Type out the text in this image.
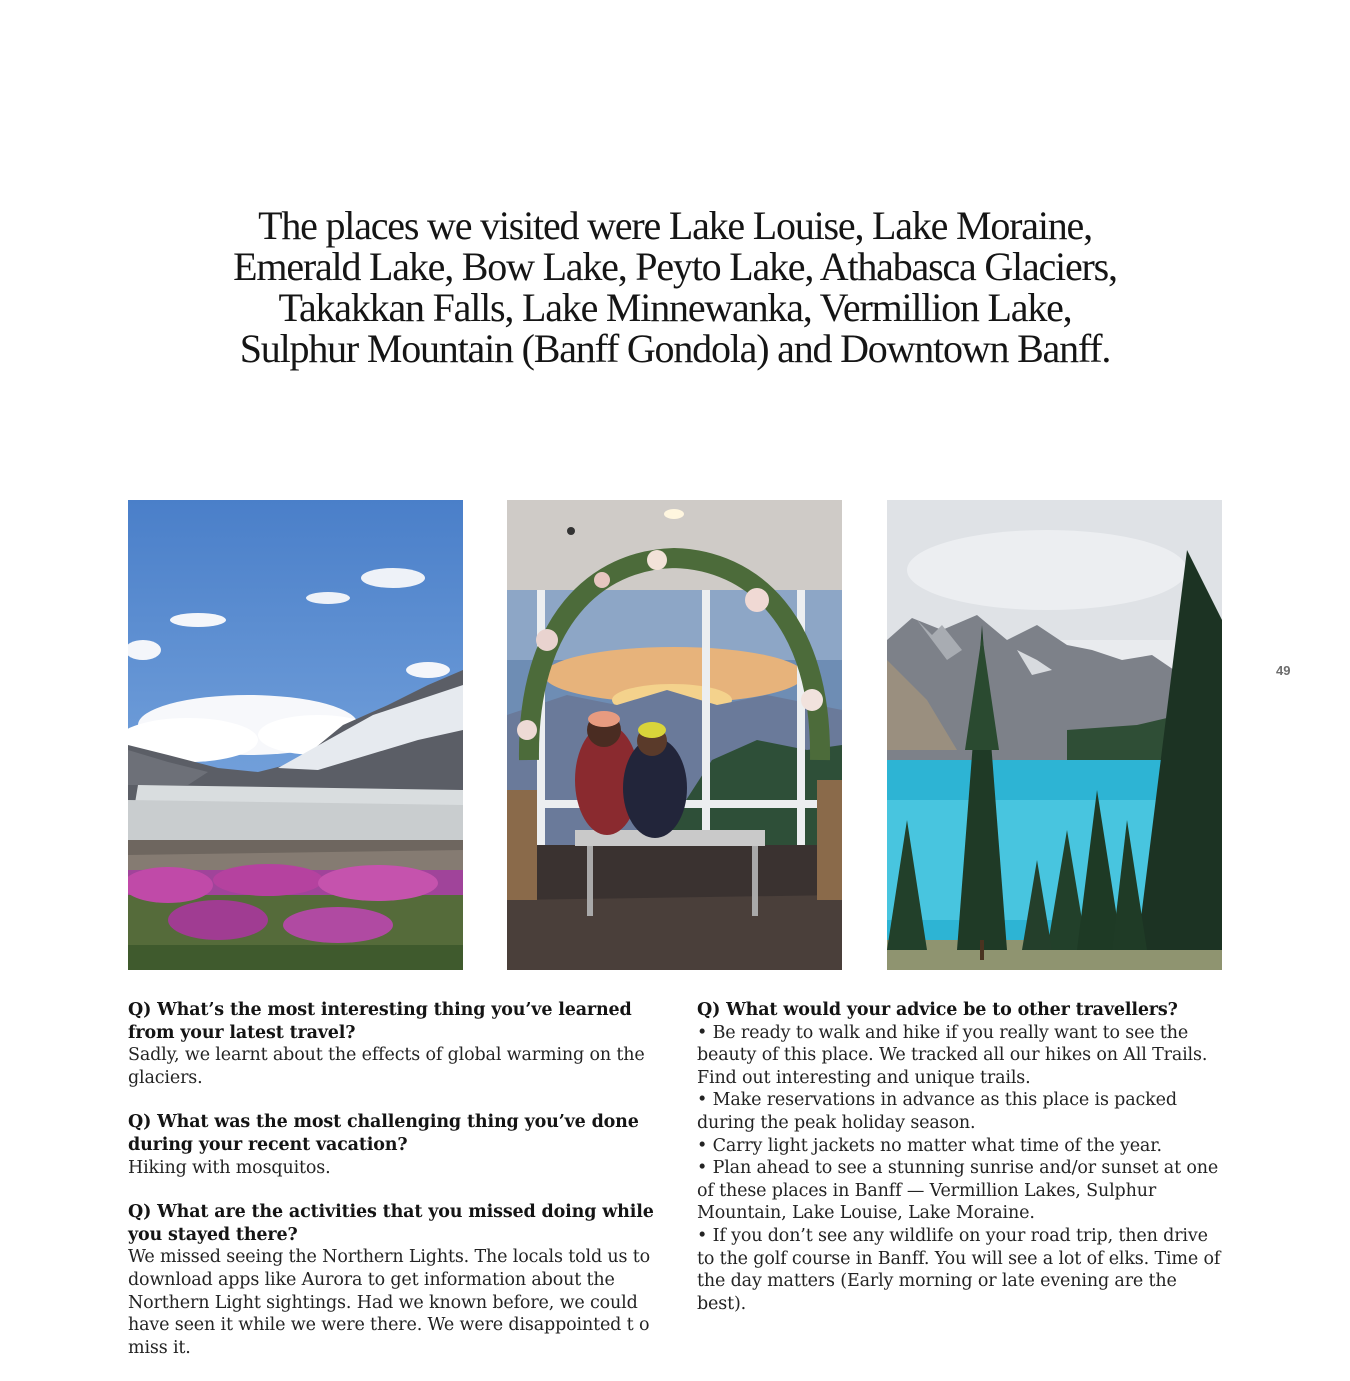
The places we visited were Lake Louise, Lake Moraine,
Emerald Lake, Bow Lake, Peyto Lake, Athabasca Glaciers,
Takakkan Falls, Lake Minnewanka, Vermillion Lake,
Sulphur Mountain (Banff Gondola) and Downtown Banff.
49
Q) What’s the most interesting thing you’ve learned from your latest travel?
Sadly, we learnt about the effects of global warming on the glaciers.
Q) What was the most challenging thing you’ve done during your recent vacation?
Hiking with mosquitos.
Q) What are the activities that you missed doing while you stayed there?
We missed seeing the Northern Lights. The locals told us to download apps like Aurora to get information about the Northern Light sightings. Had we known before, we could have seen it while we were there. We were disappointed t o miss it.
Q) What would your advice be to other travellers?
• Be ready to walk and hike if you really want to see the beauty of this place. We tracked all our hikes on All Trails. Find out interesting and unique trails.
• Make reservations in advance as this place is packed during the peak holiday season.
• Carry light jackets no matter what time of the year.
• Plan ahead to see a stunning sunrise and/or sunset at one of these places in Banff — Vermillion Lakes, Sulphur Mountain, Lake Louise, Lake Moraine.
• If you don’t see any wildlife on your road trip, then drive to the golf course in Banff. You will see a lot of elks. Time of the day matters (Early morning or late evening are the best).
